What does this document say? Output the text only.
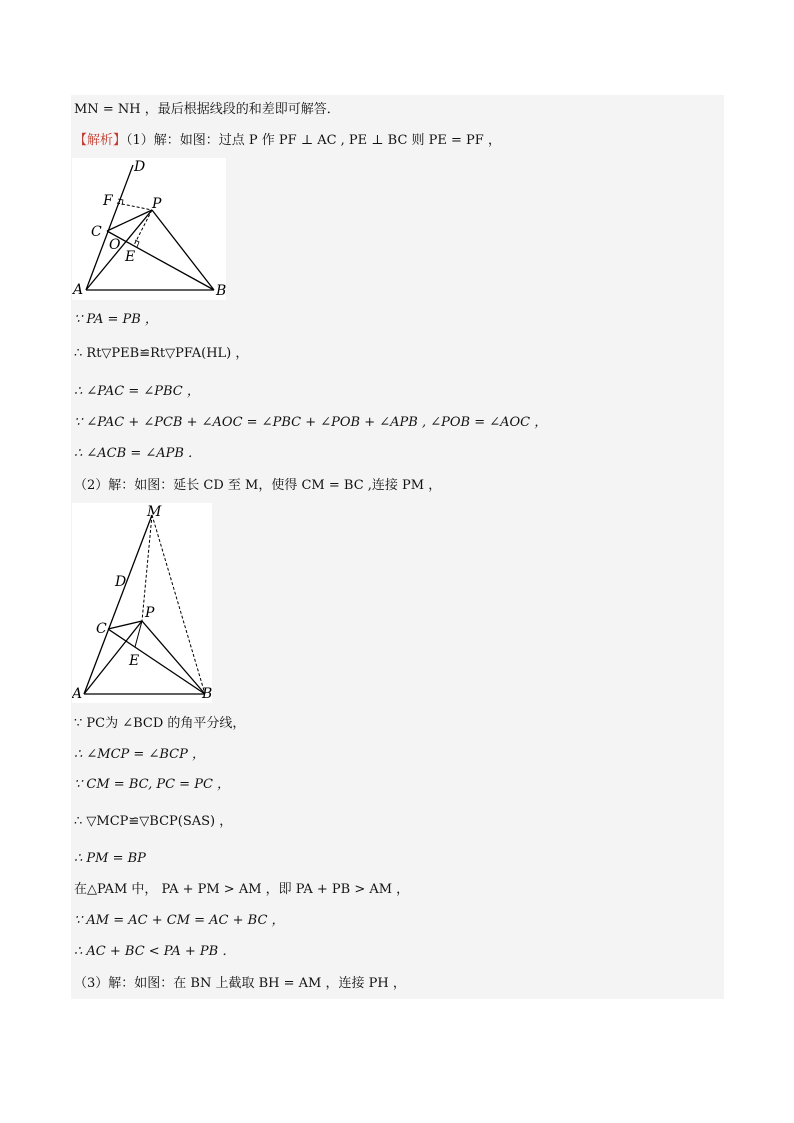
MN = NH ，最后根据线段的和差即可解答．
【解析】（1）解：如图：过点 P 作 PF ⊥ AC , PE ⊥ BC 则 PE = PF ，
D
F	P
C
O
E
A	B
∵ PA = PB ，
∴ Rt▽PEB≌Rt▽PFA(HL) ，
∴ ∠PAC = ∠PBC ，
∵ ∠PAC + ∠PCB + ∠AOC = ∠PBC + ∠POB + ∠APB , ∠POB = ∠AOC ，
∴ ∠ACB = ∠APB ．
（2）解：如图：延长 CD 至 M，使得 CM = BC ,连接 PM ，
M
D
P
C
E
A	B
∵ PC为 ∠BCD 的角平分线，
∴ ∠MCP = ∠BCP ，
∵ CM = BC, PC = PC ，
∴ ▽MCP≌▽BCP(SAS) ，
∴ PM = BP
在△PAM 中， PA + PM > AM ，即 PA + PB > AM ，
∵ AM = AC + CM = AC + BC ，
∴ AC + BC < PA + PB ．
（3）解：如图：在 BN 上截取 BH = AM ，连接 PH ，
